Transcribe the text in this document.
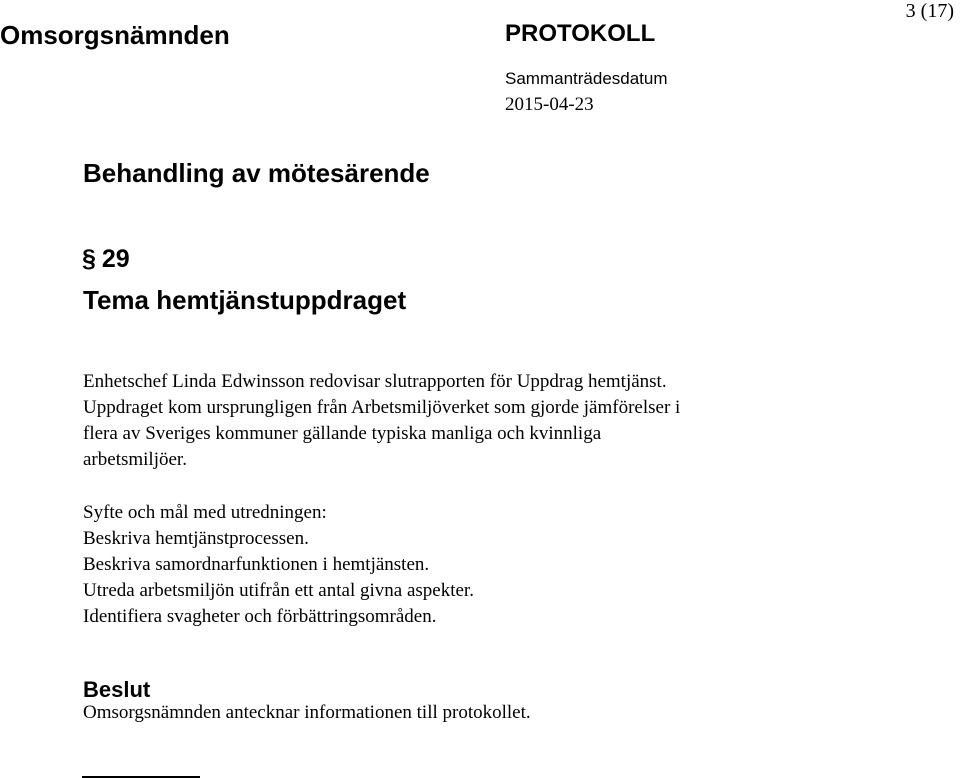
Omsorgsnämnden	PROTOKOLL
3 (17)
Sammanträdesdatum
2015-04-23
Behandling av mötesärende
§ 29
Tema hemtjänstuppdraget
Enhetschef Linda Edwinsson redovisar slutrapporten för Uppdrag hemtjänst.
Uppdraget kom ursprungligen från Arbetsmiljöverket som gjorde jämförelser i
flera av Sveriges kommuner gällande typiska manliga och kvinnliga
arbetsmiljöer.
Syfte och mål med utredningen:
Beskriva hemtjänstprocessen.
Beskriva samordnarfunktionen i hemtjänsten.
Utreda arbetsmiljön utifrån ett antal givna aspekter.
Identifiera svagheter och förbättringsområden.
Beslut
Omsorgsnämnden antecknar informationen till protokollet.
